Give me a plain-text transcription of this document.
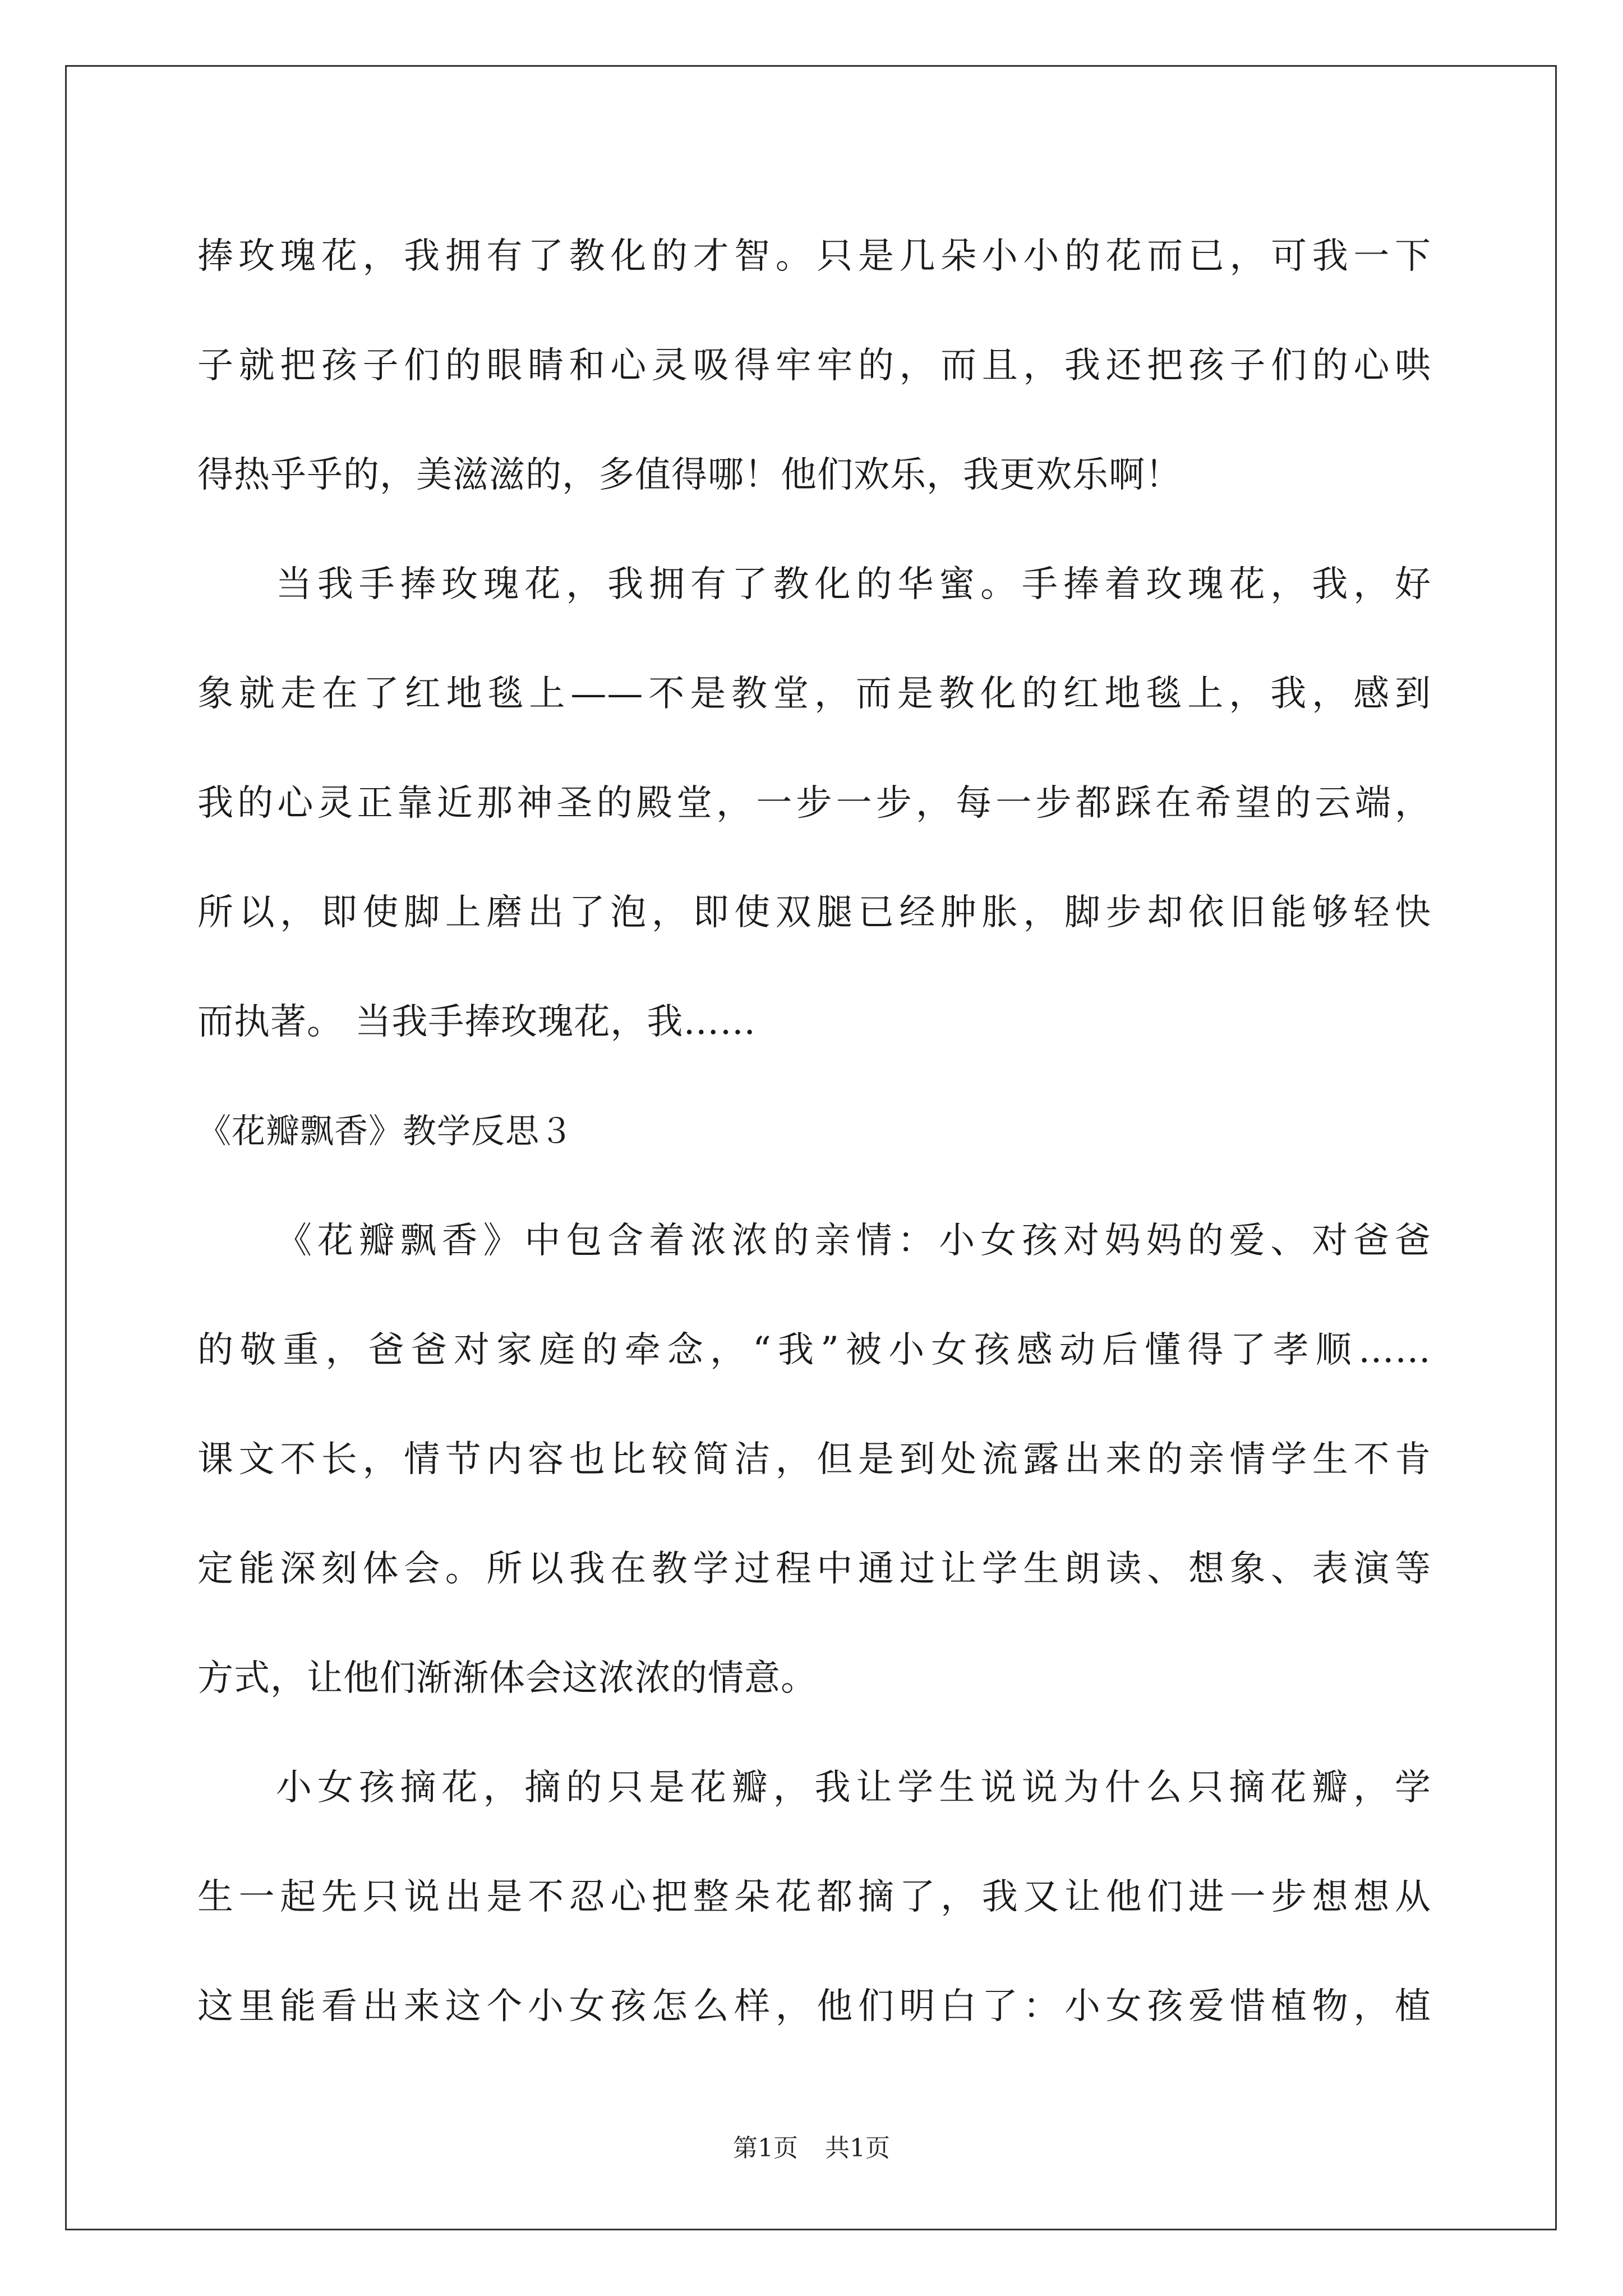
捧玫瑰花，我拥有了教化的才智。只是几朵小小的花而已，可我一下
子就把孩子们的眼睛和心灵吸得牢牢的，而且，我还把孩子们的心哄
得热乎乎的，美滋滋的，多值得哪！他们欢乐，我更欢乐啊！
当我手捧玫瑰花，我拥有了教化的华蜜。手捧着玫瑰花，我，好
象就走在了红地毯上——不是教堂，而是教化的红地毯上，我，感到
我的心灵正靠近那神圣的殿堂，一步一步，每一步都踩在希望的云端，
所以，即使脚上磨出了泡，即使双腿已经肿胀，脚步却依旧能够轻快
而执著。 当我手捧玫瑰花，我……
《花瓣飘香》教学反思３
《花瓣飘香》中包含着浓浓的亲情：小女孩对妈妈的爱、对爸爸
的敬重，爸爸对家庭的牵念，“我”被小女孩感动后懂得了孝顺……
课文不长，情节内容也比较简洁，但是到处流露出来的亲情学生不肯
定能深刻体会。所以我在教学过程中通过让学生朗读、想象、表演等
方式，让他们渐渐体会这浓浓的情意。
小女孩摘花，摘的只是花瓣，我让学生说说为什么只摘花瓣，学
生一起先只说出是不忍心把整朵花都摘了，我又让他们进一步想想从
这里能看出来这个小女孩怎么样，他们明白了：小女孩爱惜植物，植
第1页 共1页
